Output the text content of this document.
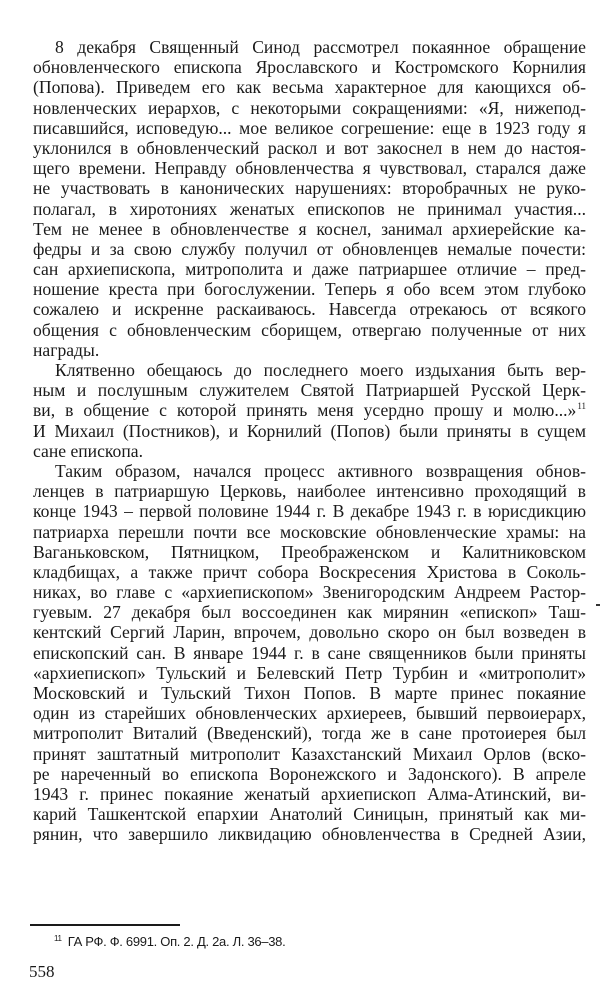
8 декабря Священный Синод рассмотрел покаянное обращение
обновленческого епископа Ярославского и Костромского Корнилия
(Попова). Приведем его как весьма характерное для кающихся об-
новленческих иерархов, с некоторыми сокращениями: «Я, нижепод-
писавшийся, исповедую... мое великое согрешение: еще в 1923 году я
уклонился в обновленческий раскол и вот закоснел в нем до настоя-
щего времени. Неправду обновленчества я чувствовал, старался даже
не участвовать в канонических нарушениях: второбрачных не руко-
полагал, в хиротониях женатых епископов не принимал участия...
Тем не менее в обновленчестве я коснел, занимал архиерейские ка-
федры и за свою службу получил от обновленцев немалые почести:
сан архиепископа, митрополита и даже патриаршее отличие – пред-
ношение креста при богослужении. Теперь я обо всем этом глубоко
сожалею и искренне раскаиваюсь. Навсегда отрекаюсь от всякого
общения с обновленческим сборищем, отвергаю полученные от них
награды.
Клятвенно обещаюсь до последнего моего издыхания быть вер-
ным и послушным служителем Святой Патриаршей Русской Церк-
ви, в общение с которой принять меня усердно прошу и молю...»$^{11}$
И Михаил (Постников), и Корнилий (Попов) были приняты в сущем
сане епископа.
Таким образом, начался процесс активного возвращения обнов-
ленцев в патриаршую Церковь, наиболее интенсивно проходящий в
конце 1943 – первой половине 1944 г. В декабре 1943 г. в юрисдикцию
патриарха перешли почти все московские обновленческие храмы: на
Ваганьковском, Пятницком, Преображенском и Калитниковском
кладбищах, а также причт собора Воскресения Христова в Соколь-
никах, во главе с «архиепископом» Звенигородским Андреем Растор-
гуевым. 27 декабря был воссоединен как мирянин «епископ» Таш-
кентский Сергий Ларин, впрочем, довольно скоро он был возведен в
епископский сан. В январе 1944 г. в сане священников были приняты
«архиепископ» Тульский и Белевский Петр Турбин и «митрополит»
Московский и Тульский Тихон Попов. В марте принес покаяние
один из старейших обновленческих архиереев, бывший первоиерарх,
митрополит Виталий (Введенский), тогда же в сане протоиерея был
принят заштатный митрополит Казахстанский Михаил Орлов (вско-
ре нареченный во епископа Воронежского и Задонского). В апреле
1943 г. принес покаяние женатый архиепископ Алма-Атинский, ви-
карий Ташкентской епархии Анатолий Синицын, принятый как ми-
рянин, что завершило ликвидацию обновленчества в Средней Азии,
$^{11}$ ГА РФ. Ф. 6991. Оп. 2. Д. 2а. Л. 36–38.
558
